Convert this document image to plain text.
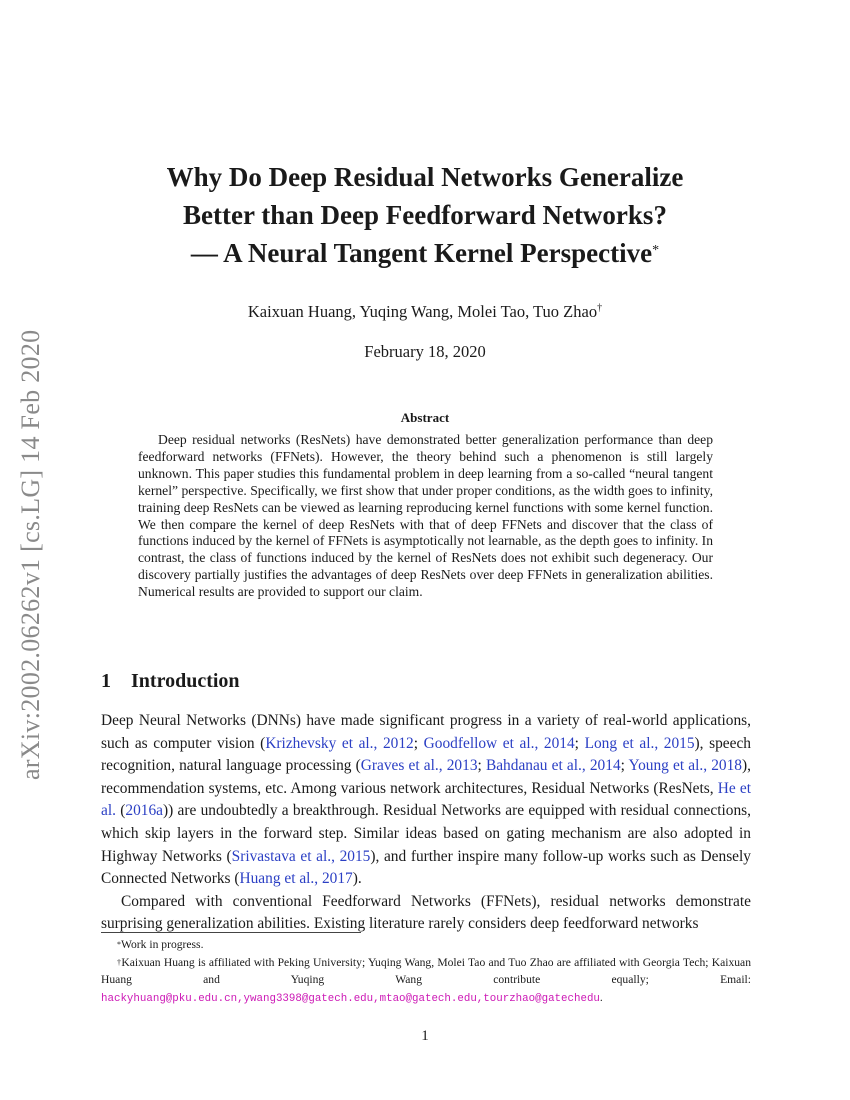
arXiv:2002.06262v1 [cs.LG] 14 Feb 2020
Why Do Deep Residual Networks Generalize
Better than Deep Feedforward Networks?
— A Neural Tangent Kernel Perspective*
Kaixuan Huang, Yuqing Wang, Molei Tao, Tuo Zhao†
February 18, 2020
Abstract
Deep residual networks (ResNets) have demonstrated better generalization performance than deep feedforward networks (FFNets). However, the theory behind such a phenomenon is still largely unknown. This paper studies this fundamental problem in deep learning from a so-called “neural tangent kernel” perspective. Specifically, we first show that under proper conditions, as the width goes to infinity, training deep ResNets can be viewed as learning reproducing kernel functions with some kernel function. We then compare the kernel of deep ResNets with that of deep FFNets and discover that the class of functions induced by the kernel of FFNets is asymptotically not learnable, as the depth goes to infinity. In contrast, the class of functions induced by the kernel of ResNets does not exhibit such degeneracy. Our discovery partially justifies the advantages of deep ResNets over deep FFNets in generalization abilities. Numerical results are provided to support our claim.
1 Introduction

Deep Neural Networks (DNNs) have made significant progress in a variety of real-world applications, such as computer vision (Krizhevsky et al., 2012; Goodfellow et al., 2014; Long et al., 2015), speech recognition, natural language processing (Graves et al., 2013; Bahdanau et al., 2014; Young et al., 2018), recommendation systems, etc. Among various network architectures, Residual Networks (ResNets, He et al. (2016a)) are undoubtedly a breakthrough. Residual Networks are equipped with residual connections, which skip layers in the forward step. Similar ideas based on gating mechanism are also adopted in Highway Networks (Srivastava et al., 2015), and further inspire many follow-up works such as Densely Connected Networks (Huang et al., 2017).

Compared with conventional Feedforward Networks (FFNets), residual networks demonstrate surprising generalization abilities. Existing literature rarely considers deep feedforward networks

*Work in progress.

†Kaixuan Huang is affiliated with Peking University; Yuqing Wang, Molei Tao and Tuo Zhao are affiliated with Georgia Tech; Kaixuan Huang and Yuqing Wang contribute equally; Email: hackyhuang@pku.edu.cn,ywang3398@gatech.edu,mtao@gatech.edu,tourzhao@gatechedu.

1
